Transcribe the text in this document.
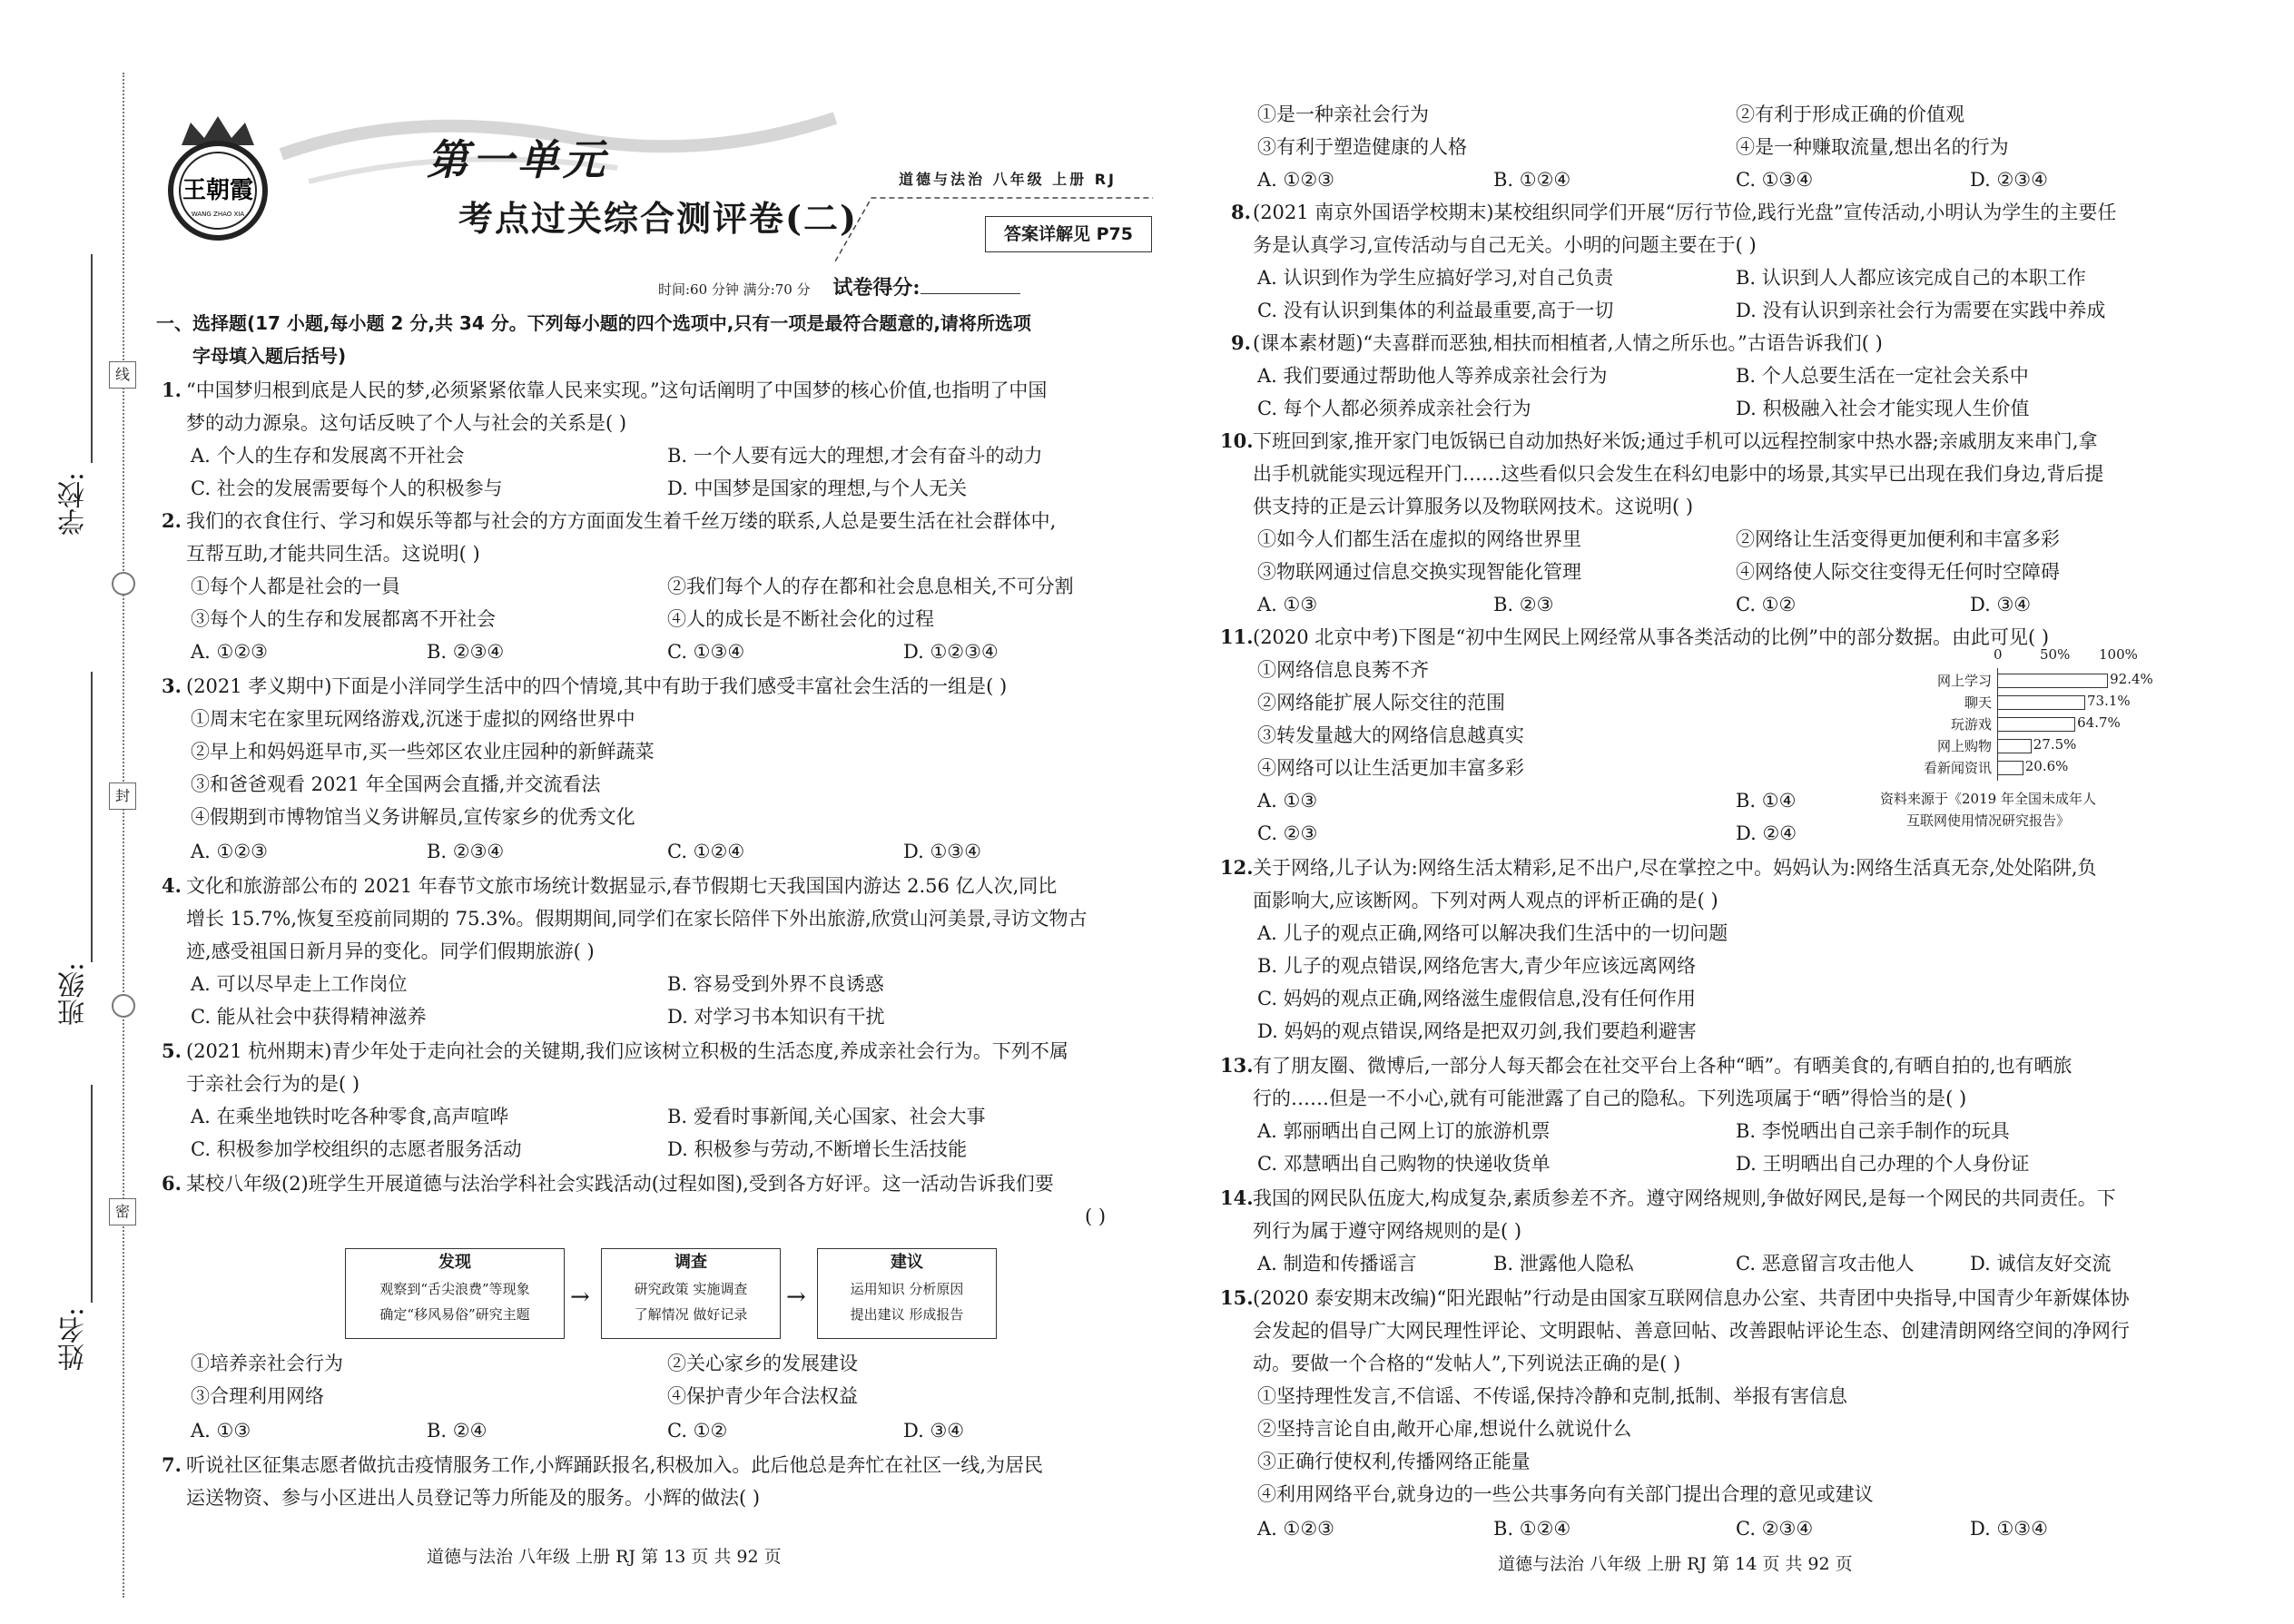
学校:
班级:
姓名:
线
封
密
王朝霞
WANG ZHAO XIA
第一单元	道德与法治 八年级 上册 RJ
考点过关综合测评卷(二)	答案详解见 P75
时间:60 分钟 满分:70 分 试卷得分:
一、选择题(17 小题,每小题 2 分,共 34 分。下列每小题的四个选项中,只有一项是最符合题意的,请将所选项
字母填入题后括号)
1. “中国梦归根到底是人民的梦,必须紧紧依靠人民来实现。”这句话阐明了中国梦的核心价值,也指明了中国
梦的动力源泉。这句话反映了个人与社会的关系是( )
A. 个人的生存和发展离不开社会	B. 一个人要有远大的理想,才会有奋斗的动力
C. 社会的发展需要每个人的积极参与	D. 中国梦是国家的理想,与个人无关
2. 我们的衣食住行、学习和娱乐等都与社会的方方面面发生着千丝万缕的联系,人总是要生活在社会群体中,
互帮互助,才能共同生活。这说明( )
①每个人都是社会的一員	②我们每个人的存在都和社会息息相关,不可分割
③每个人的生存和发展都离不开社会	④人的成长是不断社会化的过程
A. ①②③	B. ②③④	C. ①③④	D. ①②③④
3. (2021 孝义期中)下面是小洋同学生活中的四个情境,其中有助于我们感受丰富社会生活的一组是( )
①周末宅在家里玩网络游戏,沉迷于虚拟的网络世界中
②早上和妈妈逛早市,买一些郊区农业庄园种的新鲜蔬菜
③和爸爸观看 2021 年全国两会直播,并交流看法
④假期到市博物馆当义务讲解员,宣传家乡的优秀文化
A. ①②③	B. ②③④	C. ①②④	D. ①③④
4. 文化和旅游部公布的 2021 年春节文旅市场统计数据显示,春节假期七天我国国内游达 2.56 亿人次,同比
增长 15.7%,恢复至疫前同期的 75.3%。假期期间,同学们在家长陪伴下外出旅游,欣赏山河美景,寻访文物古
迹,感受祖国日新月异的变化。同学们假期旅游( )
A. 可以尽早走上工作岗位	B. 容易受到外界不良诱惑
C. 能从社会中获得精神滋养	D. 对学习书本知识有干扰
5. (2021 杭州期末)青少年处于走向社会的关键期,我们应该树立积极的生活态度,养成亲社会行为。下列不属
于亲社会行为的是( )
A. 在乘坐地铁时吃各种零食,高声喧哗	B. 爱看时事新闻,关心国家、社会大事
C. 积极参加学校组织的志愿者服务活动	D. 积极参与劳动,不断增长生活技能
6. 某校八年级(2)班学生开展道德与法治学科社会实践活动(过程如图),受到各方好评。这一活动告诉我们要
( )
发现
观察到“舌尖浪费”等现象
确定“移风易俗”研究主题
→
调查
研究政策 实施调查
了解情况 做好记录
→
建议
运用知识 分析原因
提出建议 形成报告
①培养亲社会行为	②关心家乡的发展建设
③合理利用网络	④保护青少年合法权益
A. ①③	B. ②④	C. ①②	D. ③④
7. 听说社区征集志愿者做抗击疫情服务工作,小辉踊跃报名,积极加入。此后他总是奔忙在社区一线,为居民
运送物资、参与小区进出人员登记等力所能及的服务。小辉的做法( )
道德与法治 八年级 上册 RJ 第 13 页 共 92 页
①是一种亲社会行为	②有利于形成正确的价值观
③有利于塑造健康的人格	④是一种赚取流量,想出名的行为
A. ①②③	B. ①②④	C. ①③④	D. ②③④
8. (2021 南京外国语学校期末)某校组织同学们开展“厉行节俭,践行光盘”宣传活动,小明认为学生的主要任
务是认真学习,宣传活动与自己无关。小明的问题主要在于( )
A. 认识到作为学生应搞好学习,对自己负责	B. 认识到人人都应该完成自己的本职工作
C. 没有认识到集体的利益最重要,高于一切	D. 没有认识到亲社会行为需要在实践中养成
9. (课本素材题)“夫喜群而恶独,相扶而相植者,人情之所乐也。”古语告诉我们( )
A. 我们要通过帮助他人等养成亲社会行为	B. 个人总要生活在一定社会关系中
C. 每个人都必须养成亲社会行为	D. 积极融入社会才能实现人生价值
10. 下班回到家,推开家门电饭锅已自动加热好米饭;通过手机可以远程控制家中热水器;亲戚朋友来串门,拿
出手机就能实现远程开门……这些看似只会发生在科幻电影中的场景,其实早已出现在我们身边,背后提
供支持的正是云计算服务以及物联网技术。这说明( )
①如今人们都生活在虚拟的网络世界里	②网络让生活变得更加便利和丰富多彩
③物联网通过信息交换实现智能化管理	④网络使人际交往变得无任何时空障碍
A. ①③	B. ②③	C. ①②	D. ③④
11. (2020 北京中考)下图是“初中生网民上网经常从事各类活动的比例”中的部分数据。由此可见( )
①网络信息良莠不齐
②网络能扩展人际交往的范围
③转发量越大的网络信息越真实
④网络可以让生活更加丰富多彩
A. ①③	B. ①④
C. ②③	D. ②④
0	50% 100%
网上学习	92.4%
聊天	73.1%
玩游戏	64.7%
网上购物	27.5%
看新闻资讯 20.6%
资料来源于《2019 年全国未成年人
互联网使用情况研究报告》
12. 关于网络,儿子认为:网络生活太精彩,足不出户,尽在掌控之中。妈妈认为:网络生活真无奈,处处陷阱,负
面影响大,应该断网。下列对两人观点的评析正确的是( )
A. 儿子的观点正确,网络可以解决我们生活中的一切问题
B. 儿子的观点错误,网络危害大,青少年应该远离网络
C. 妈妈的观点正确,网络滋生虚假信息,没有任何作用
D. 妈妈的观点错误,网络是把双刃剑,我们要趋利避害
13. 有了朋友圈、微博后,一部分人每天都会在社交平台上各种“晒”。有晒美食的,有晒自拍的,也有晒旅
行的……但是一不小心,就有可能泄露了自己的隐私。下列选项属于“晒”得恰当的是( )
A. 郭丽晒出自己网上订的旅游机票	B. 李悦晒出自己亲手制作的玩具
C. 邓慧晒出自己购物的快递收货单	D. 王明晒出自己办理的个人身份证
14. 我国的网民队伍庞大,构成复杂,素质参差不齐。遵守网络规则,争做好网民,是每一个网民的共同责任。下
列行为属于遵守网络规则的是( )
A. 制造和传播谣言	B. 泄露他人隐私	C. 恶意留言攻击他人	D. 诚信友好交流
15. (2020 泰安期末改编)“阳光跟帖”行动是由国家互联网信息办公室、共青团中央指导,中国青少年新媒体协
会发起的倡导广大网民理性评论、文明跟帖、善意回帖、改善跟帖评论生态、创建清朗网络空间的净网行
动。要做一个合格的“发帖人”,下列说法正确的是( )
①坚持理性发言,不信谣、不传谣,保持冷静和克制,抵制、举报有害信息
②坚持言论自由,敞开心扉,想说什么就说什么
③正确行使权利,传播网络正能量
④利用网络平台,就身边的一些公共事务向有关部门提出合理的意见或建议
A. ①②③	B. ①②④	C. ②③④	D. ①③④
道德与法治 八年级 上册 RJ 第 14 页 共 92 页
